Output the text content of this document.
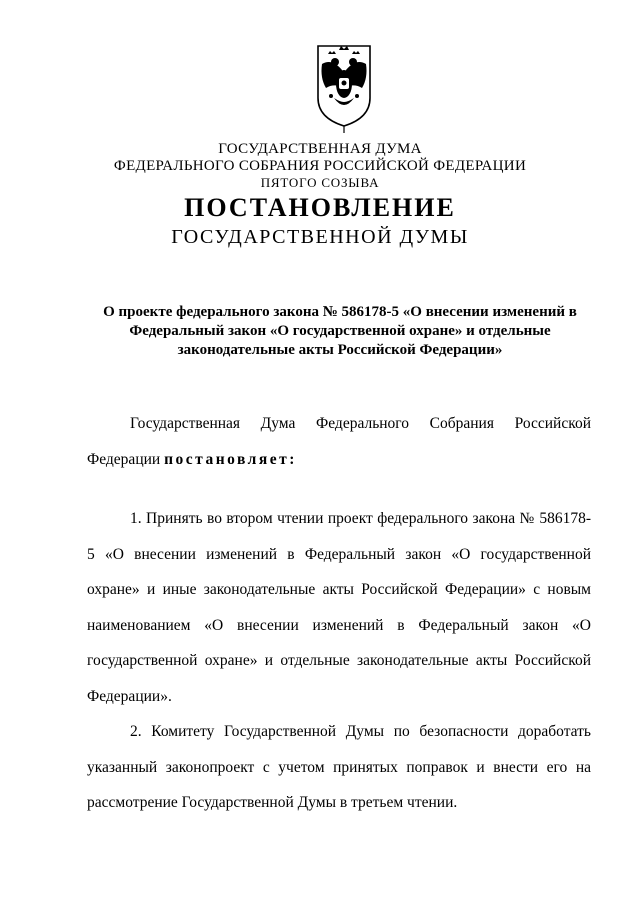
ГОСУДАРСТВЕННАЯ ДУМА
ФЕДЕРАЛЬНОГО СОБРАНИЯ РОССИЙСКОЙ ФЕДЕРАЦИИ
ПЯТОГО СОЗЫВА
ПОСТАНОВЛЕНИЕ
ГОСУДАРСТВЕННОЙ ДУМЫ
О проекте федерального закона № 586178-5 «О внесении изменений в Федеральный закон «О государственной охране» и отдельные законодательные акты Российской Федерации»
Государственная Дума Федерального Собрания Российской Федерации постановляет:
1. Принять во втором чтении проект федерального закона № 586178-5 «О внесении изменений в Федеральный закон «О государственной охране» и иные законодательные акты Российской Федерации» с новым наименованием «О внесении изменений в Федеральный закон «О государственной охране» и отдельные законодательные акты Российской Федерации».
2. Комитету Государственной Думы по безопасности доработать указанный законопроект с учетом принятых поправок и внести его на рассмотрение Государственной Думы в третьем чтении.
